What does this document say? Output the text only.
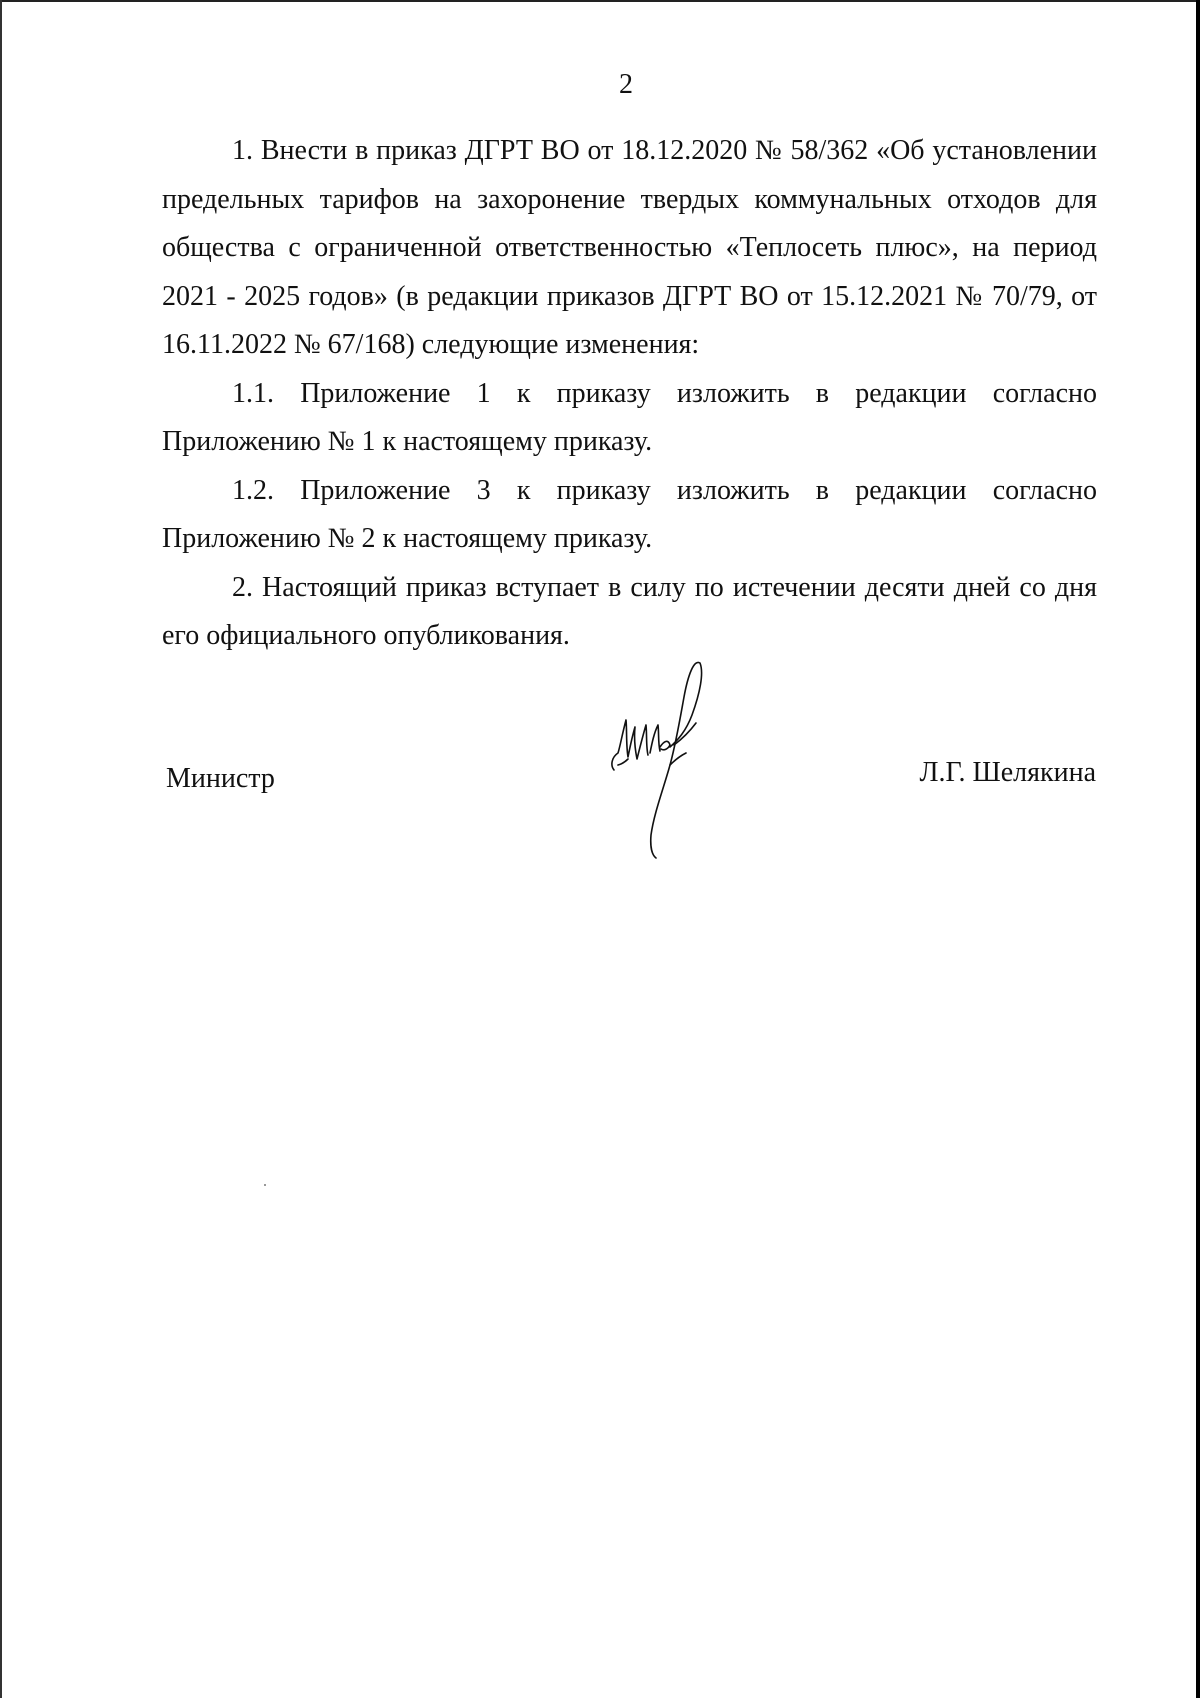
2

1. Внести в приказ ДГРТ ВО от 18.12.2020 № 58/362 «Об установлении предельных тарифов на захоронение твердых коммунальных отходов для общества с ограниченной ответственностью «Теплосеть плюс», на период 2021 - 2025 годов» (в редакции приказов ДГРТ ВО от 15.12.2021 № 70/79, от 16.11.2022 № 67/168) следующие изменения:

1.1. Приложение 1 к приказу изложить в редакции согласно Приложению № 1 к настоящему приказу.

1.2. Приложение 3 к приказу изложить в редакции согласно Приложению № 2 к настоящему приказу.

2. Настоящий приказ вступает в силу по истечении десяти дней со дня его официального опубликования.

Министр	Л.Г. Шелякина
